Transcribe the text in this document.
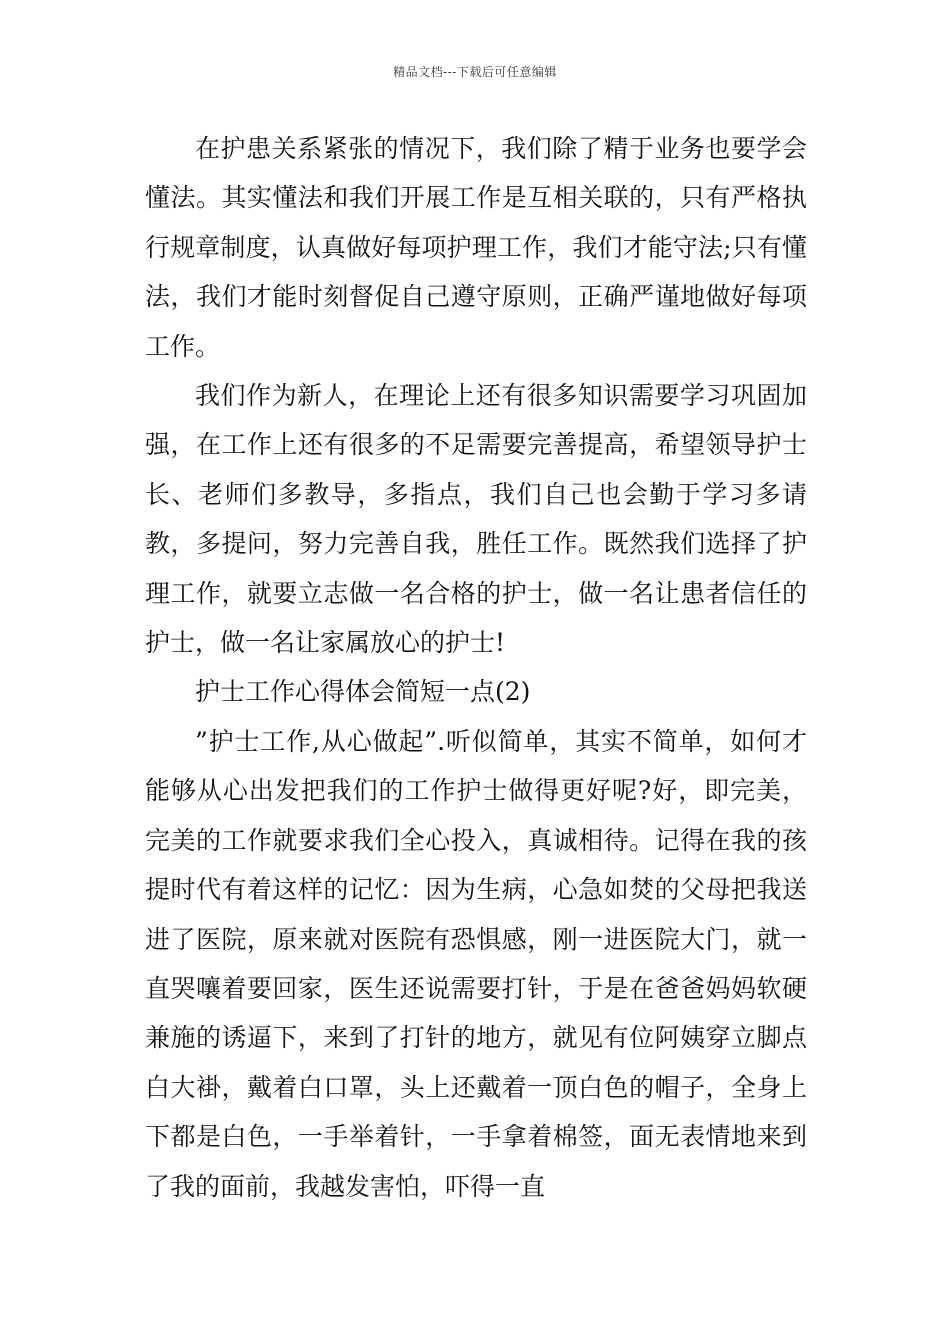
精品文档---下载后可任意编辑

在护患关系紧张的情况下，我们除了精于业务也要学会懂法。其实懂法和我们开展工作是互相关联的，只有严格执行规章制度，认真做好每项护理工作，我们才能守法;只有懂法，我们才能时刻督促自己遵守原则，正确严谨地做好每项工作。

我们作为新人，在理论上还有很多知识需要学习巩固加强，在工作上还有很多的不足需要完善提高，希望领导护士长、老师们多教导，多指点，我们自己也会勤于学习多请教，多提问，努力完善自我，胜任工作。既然我们选择了护理工作，就要立志做一名合格的护士，做一名让患者信任的护士，做一名让家属放心的护士!

护士工作心得体会简短一点(2)

”护士工作,从心做起”.听似简单，其实不简单，如何才能够从心出发把我们的工作护士做得更好呢?好，即完美，完美的工作就要求我们全心投入，真诚相待。记得在我的孩提时代有着这样的记忆：因为生病，心急如焚的父母把我送进了医院，原来就对医院有恐惧感，刚一进医院大门，就一直哭嚷着要回家，医生还说需要打针，于是在爸爸妈妈软硬兼施的诱逼下，来到了打针的地方，就见有位阿姨穿立脚点白大褂，戴着白口罩，头上还戴着一顶白色的帽子，全身上下都是白色，一手举着针，一手拿着棉签，面无表情地来到了我的面前，我越发害怕，吓得一直
